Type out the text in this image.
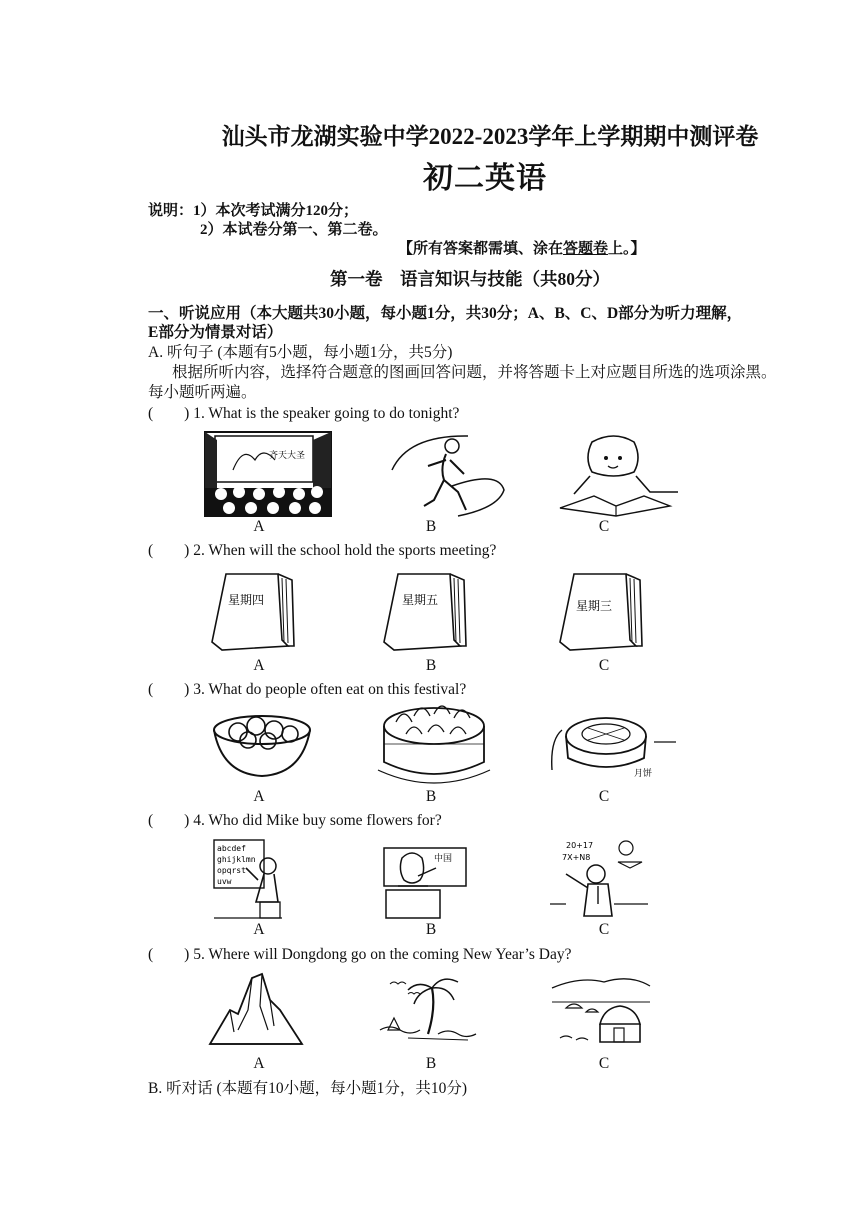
汕头市龙湖实验中学2022-2023学年上学期期中测评卷
初二英语
说明：1）本次考试满分120分；
2）本试卷分第一、第二卷。
【所有答案都需填、涂在答题卷上。】
第一卷　语言知识与技能（共80分）
一、听说应用（本大题共30小题，每小题1分，共30分；A、B、C、D部分为听力理解，
E部分为情景对话）
A. 听句子 (本题有5小题，每小题1分，共5分)
根据所听内容，选择符合题意的图画回答问题，并将答题卡上对应题目所选的选项涂黑。
每小题听两遍。
(　　) 1. What is the speaker going to do tonight?
齐天大圣
A	B	C
(　　) 2. When will the school hold the sports meeting?
星期四	星期五	星期三
A	B	C
(　　) 3. What do people often eat on this festival?
月饼
A	B	C
(　　) 4. Who did Mike buy some flowers for?
abcdef
ghijklmn
opqrst
uvw
中国
20+17
7X+N8
A	B	C
(　　) 5. Where will Dongdong go on the coming New Year’s Day?
A	B	C
B. 听对话 (本题有10小题，每小题1分，共10分)
